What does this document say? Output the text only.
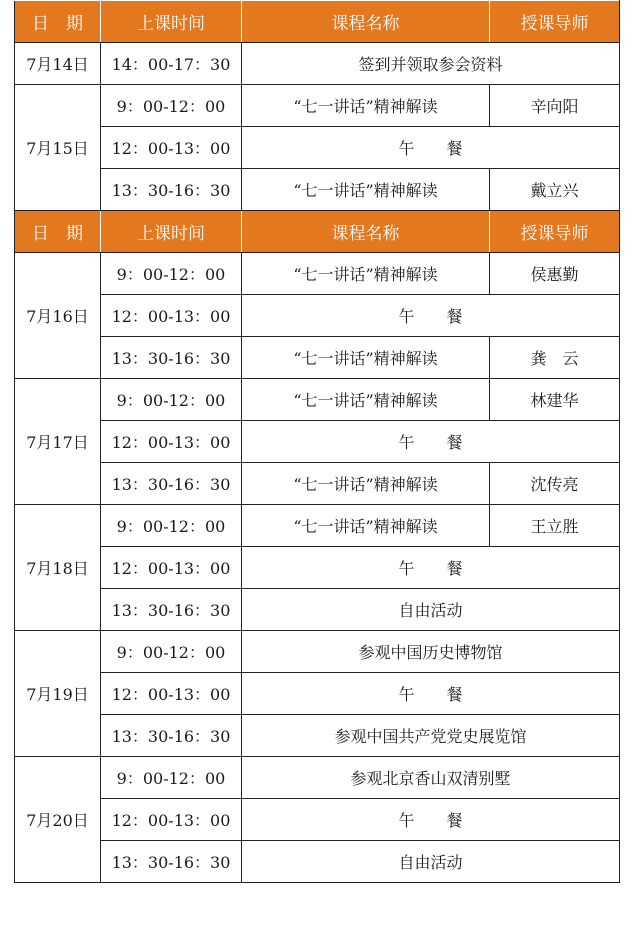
日　期	上课时间	课程名称	授课导师
7月14日	14：00-17：30	签到并领取参会资料	
7月15日	9：00-12：00	“七一讲话”精神解读	辛向阳
	12：00-13：00	午　　餐	
	13：30-16：30	“七一讲话”精神解读	戴立兴
日　期	上课时间	课程名称	授课导师
7月16日	9：00-12：00	“七一讲话”精神解读	侯惠勤
	12：00-13：00	午　　餐	
	13：30-16：30	“七一讲话”精神解读	龚　云
7月17日	9：00-12：00	“七一讲话”精神解读	林建华
	12：00-13：00	午　　餐	
	13：30-16：30	“七一讲话”精神解读	沈传亮
7月18日	9：00-12：00	“七一讲话”精神解读	王立胜
	12：00-13：00	午　　餐	
	13：30-16：30	自由活动	
7月19日	9：00-12：00	参观中国历史博物馆	
	12：00-13：00	午　　餐	
	13：30-16：30	参观中国共产党党史展览馆	
7月20日	9：00-12：00	参观北京香山双清别墅	
	12：00-13：00	午　　餐	
	13：30-16：30	自由活动	
